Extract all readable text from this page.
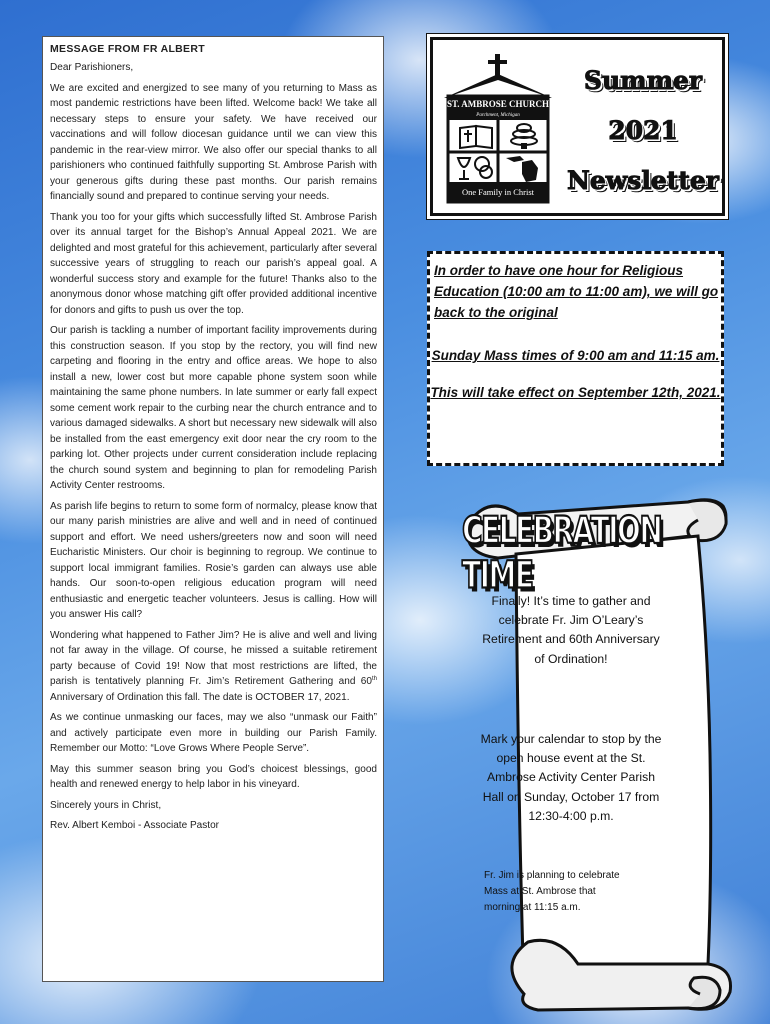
MESSAGE FROM FR ALBERT

Dear Parishioners,

We are excited and energized to see many of you returning to Mass as most pandemic restrictions have been lifted. Welcome back! We take all necessary steps to ensure your safety. We have received our vaccinations and will follow diocesan guidance until we can view this pandemic in the rear-view mirror. We also offer our special thanks to all parishioners who continued faithfully supporting St. Ambrose Parish with your generous gifts during these past months. Our parish remains financially sound and prepared to continue serving your needs.

Thank you too for your gifts which successfully lifted St. Ambrose Parish over its annual target for the Bishop’s Annual Appeal 2021. We are delighted and most grateful for this achievement, particularly after several successive years of struggling to reach our parish’s appeal goal. A wonderful success story and example for the future! Thanks also to the anonymous donor whose matching gift offer provided additional incentive for donors and gifts to push us over the top.

Our parish is tackling a number of important facility improvements during this construction season. If you stop by the rectory, you will find new carpeting and flooring in the entry and office areas. We hope to also install a new, lower cost but more capable phone system soon while maintaining the same phone numbers. In late summer or early fall expect some cement work repair to the curbing near the church entrance and to various damaged sidewalks. A short but necessary new sidewalk will also be installed from the east emergency exit door near the cry room to the parking lot. Other projects under current consideration include replacing the church sound system and beginning to plan for remodeling Parish Activity Center restrooms.

As parish life begins to return to some form of normalcy, please know that our many parish ministries are alive and well and in need of continued support and effort. We need ushers/greeters now and soon will need Eucharistic Ministers. Our choir is beginning to regroup. We continue to support local immigrant families. Rosie’s garden can always use able hands. Our soon-to-open religious education program will need enthusiastic and energetic teacher volunteers. Jesus is calling. How will you answer His call?

Wondering what happened to Father Jim? He is alive and well and living not far away in the village. Of course, he missed a suitable retirement party because of Covid 19! Now that most restrictions are lifted, the parish is tentatively planning Fr. Jim’s Retirement Gathering and 60th Anniversary of Ordination this fall. The date is OCTOBER 17, 2021.

As we continue unmasking our faces, may we also “unmask our Faith” and actively participate even more in building our Parish Family. Remember our Motto: “Love Grows Where People Serve”.

May this summer season bring you God’s choicest blessings, good health and renewed energy to help labor in his vineyard.

Sincerely yours in Christ,

Rev. Albert Kemboi - Associate Pastor

ST. AMBROSE CHURCH
Parchment, Michigan
One Family in Christ
Summer
2021
Newsletter
In order to have one hour for Religious Education (10:00 am to 11:00 am), we will go back to the original
Sunday Mass times of 9:00 am and 11:15 am.
This will take effect on September 12th, 2021.
CELEBRATION TIME
Finally! It’s time to gather and celebrate Fr. Jim O’Leary’s Retirement and 60th Anniversary of Ordination!
Mark your calendar to stop by the open house event at the St. Ambrose Activity Center Parish Hall on Sunday, October 17 from 12:30-4:00 p.m.
Fr. Jim is planning to celebrate Mass at St. Ambrose that morning at 11:15 a.m.
